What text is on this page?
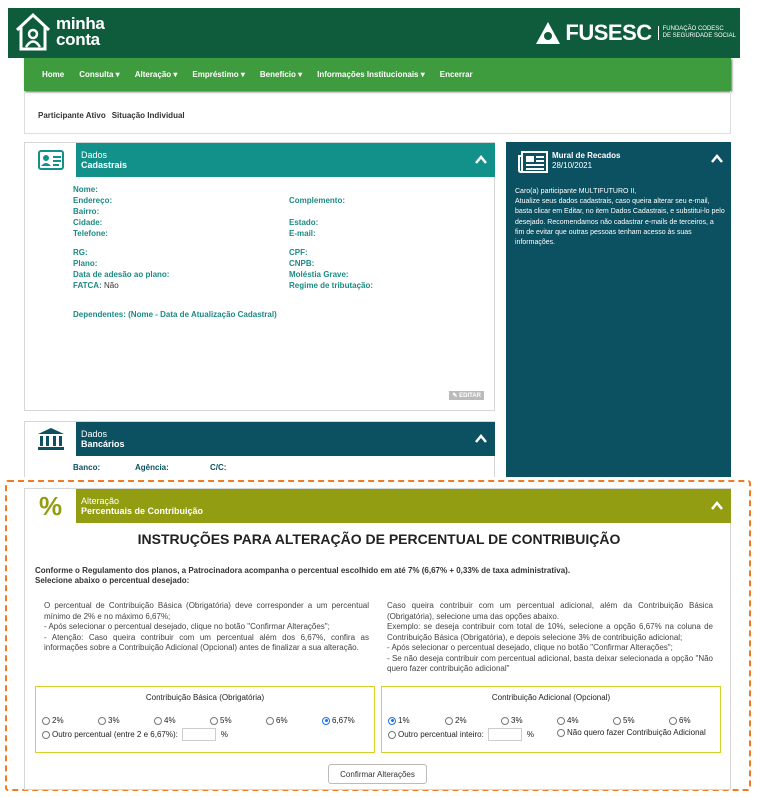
minha
conta	FUSESC FUNDAÇÃO CODESC
DE SEGURIDADE SOCIAL
Home Consulta ▾ Alteração ▾ Empréstimo ▾ Benefício ▾ Informações Institucionais ▾ Encerrar
Participante Ativo Situação Individual
Dados
Cadastrais
Nome:
Endereço:
Bairro:
Cidade:
Telefone:
Complemento:
Estado:
E-mail:
RG:
Plano:
Data de adesão ao plano:
FATCA: Não
CPF:
CNPB:
Moléstia Grave:
Regime de tributação:
Dependentes: (Nome - Data de Atualização Cadastral)
✎ EDITAR
Dados
Bancários
Banco:	Agência:	C/C:
Mural de Recados
28/10/2021
Caro(a) participante MULTIFUTURO II,
Atualize seus dados cadastrais, caso queira alterar seu e-mail, basta clicar em Editar, no item Dados Cadastrais, e substitui-lo pelo desejado. Recomendamos não cadastrar e-mails de terceiros, a fim de evitar que outras pessoas tenham acesso às suas informações.
% Alteração
Percentuais de Contribuição
INSTRUÇÕES PARA ALTERAÇÃO DE PERCENTUAL DE CONTRIBUIÇÃO
Conforme o Regulamento dos planos, a Patrocinadora acompanha o percentual escolhido em até 7% (6,67% + 0,33% de taxa administrativa).
Selecione abaixo o percentual desejado:
O percentual de Contribuição Básica (Obrigatória) deve corresponder a um percentual mínimo de 2% e no máximo 6,67%;
- Após selecionar o percentual desejado, clique no botão "Confirmar Alterações";
- Atenção: Caso queira contribuir com um percentual além dos 6,67%, confira as informações sobre a Contribuição Adicional (Opcional) antes de finalizar a sua alteração.
Caso queira contribuir com um percentual adicional, além da Contribuição Básica (Obrigatória), selecione uma das opções abaixo.
Exemplo: se deseja contribuir com total de 10%, selecione a opção 6,67% na coluna de Contribuição Básica (Obrigatória), e depois selecione 3% de contribuição adicional;
- Após selecionar o percentual desejado, clique no botão "Confirmar Alterações";
- Se não deseja contribuir com percentual adicional, basta deixar selecionada a opção "Não quero fazer contribuição adicional"
Contribuição Básica (Obrigatória)
2%	3%	4%	5%	6%	6,67%
Outro percentual (entre 2 e 6,67%):	%
Contribuição Adicional (Opcional)
1%	2%	3%	4%	5%	6%
Outro percentual inteiro:	%	Não quero fazer Contribuição Adicional
Confirmar Alterações
